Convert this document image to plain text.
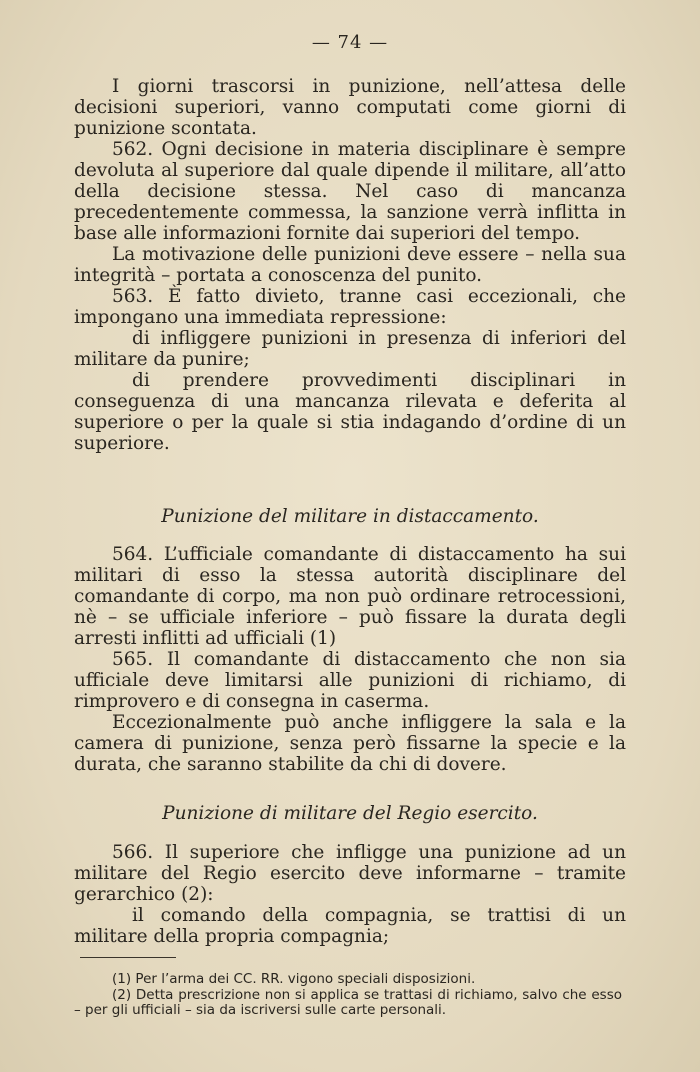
— 74 —

I giorni trascorsi in punizione, nell’attesa delle decisioni superiori, vanno computati come giorni di punizione scontata.

562. Ogni decisione in materia disciplinare è sempre devoluta al superiore dal quale dipende il militare, all’atto della decisione stessa. Nel caso di mancanza precedentemente commessa, la sanzione verrà inflitta in base alle informazioni fornite dai superiori del tempo.

La motivazione delle punizioni deve essere – nella sua integrità – portata a conoscenza del punito.

563. È fatto divieto, tranne casi eccezionali, che impongano una immediata repressione:

di infliggere punizioni in presenza di inferiori del militare da punire;

di prendere provvedimenti disciplinari in conseguenza di una mancanza rilevata e deferita al superiore o per la quale si stia indagando d’ordine di un superiore.

Punizione del militare in distaccamento.

564. L’ufficiale comandante di distaccamento ha sui militari di esso la stessa autorità disciplinare del comandante di corpo, ma non può ordinare retrocessioni, nè – se ufficiale inferiore – può fissare la durata degli arresti inflitti ad ufficiali (1)

565. Il comandante di distaccamento che non sia ufficiale deve limitarsi alle punizioni di richiamo, di rimprovero e di consegna in caserma.

Eccezionalmente può anche infliggere la sala e la camera di punizione, senza però fissarne la specie e la durata, che saranno stabilite da chi di dovere.

Punizione di militare del Regio esercito.

566. Il superiore che infligge una punizione ad un militare del Regio esercito deve informarne – tramite gerarchico (2):

il comando della compagnia, se trattisi di un militare della propria compagnia;

(1) Per l’arma dei CC. RR. vigono speciali disposizioni.

(2) Detta prescrizione non si applica se trattasi di richiamo, salvo che esso – per gli ufficiali – sia da iscriversi sulle carte personali.
